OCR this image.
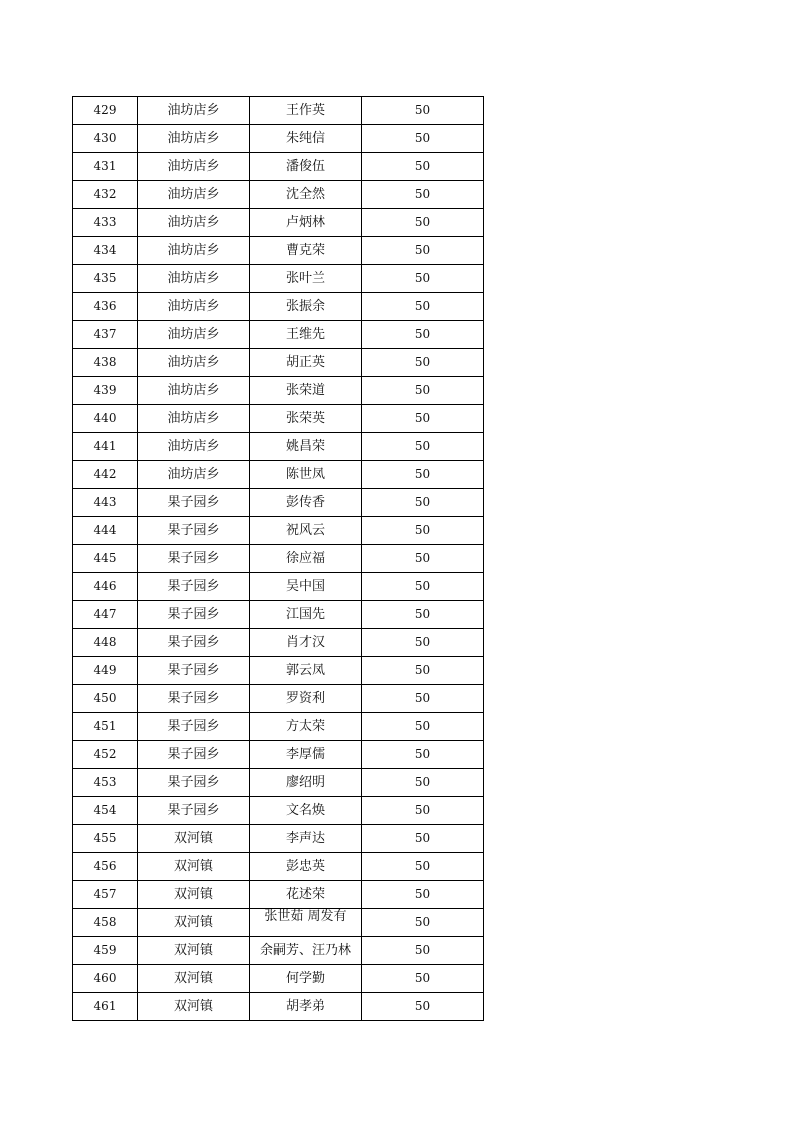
429	油坊店乡	王作英	50
430	油坊店乡	朱纯信	50
431	油坊店乡	潘俊伍	50
432	油坊店乡	沈全然	50
433	油坊店乡	卢炳林	50
434	油坊店乡	曹克荣	50
435	油坊店乡	张叶兰	50
436	油坊店乡	张振余	50
437	油坊店乡	王维先	50
438	油坊店乡	胡正英	50
439	油坊店乡	张荣道	50
440	油坊店乡	张荣英	50
441	油坊店乡	姚昌荣	50
442	油坊店乡	陈世凤	50
443	果子园乡	彭传香	50
444	果子园乡	祝风云	50
445	果子园乡	徐应福	50
446	果子园乡	吴中国	50
447	果子园乡	江国先	50
448	果子园乡	肖才汉	50
449	果子园乡	郭云凤	50
450	果子园乡	罗资利	50
451	果子园乡	方太荣	50
452	果子园乡	李厚儒	50
453	果子园乡	廖绍明	50
454	果子园乡	文名焕	50
455	双河镇	李声达	50
456	双河镇	彭忠英	50
457	双河镇	花述荣	50
458	双河镇	张世茹 周发有	50
459	双河镇	余嗣芳、汪乃林	50
460	双河镇	何学勤	50
461	双河镇	胡孝弟	50
